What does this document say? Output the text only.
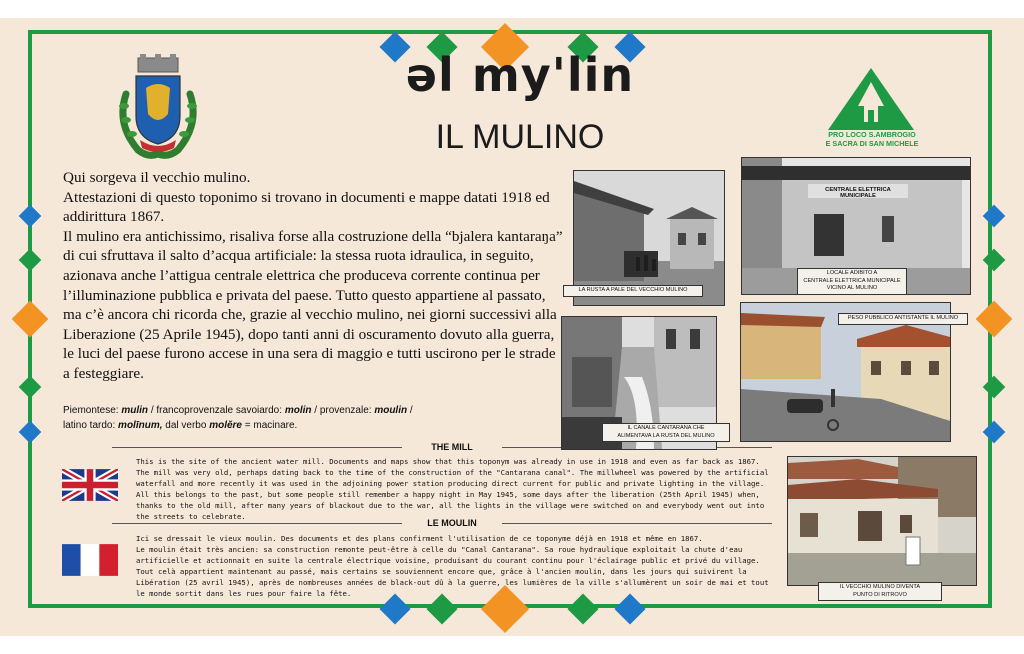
PRO LOCO S.AMBROGIO
E SACRA DI SAN MICHELE
əl my'lin
IL MULINO

Qui sorgeva il vecchio mulino.

Attestazioni di questo toponimo si trovano in documenti e mappe datati 1918 ed addirittura 1867.

Il mulino era antichissimo, risaliva forse alla costruzione della “bjalera kantaraŋa” di cui sfruttava il salto d’acqua artificiale: la stessa ruota idraulica, in seguito, azionava anche l’attigua centrale elettrica che produceva corrente continua per l’illuminazione pubblica e privata del paese. Tutto questo appartiene al passato, ma c’è ancora chi ricorda che, grazie al vecchio mulino, nei giorni successivi alla Liberazione (25 Aprile 1945), dopo tanti anni di oscuramento dovuto alla guerra, le luci del paese furono accese in una sera di maggio e tutti uscirono per le strade a festeggiare.

Piemontese: mulin / francoprovenzale savoiardo: molin / provenzale: moulin /
latino tardo: molīnum, dal verbo molĕre = macinare.
THE MILL

This is the site of the ancient water mill. Documents and maps show that this toponym was already in use in 1918 and even as far back as 1867. The mill was very old, perhaps dating back to the time of the construction of the "Cantarana canal". The millwheel was powered by the artificial waterfall and more recently it was used in the adjoining power station producing direct current for public and private lighting in the village. All this belongs to the past, but some people still remember a happy night in May 1945, some days after the liberation (25th April 1945) when, thanks to the old mill, after many years of blackout due to the war, all the lights in the village were switched on and everybody went out into the streets to celebrate.

LE MOULIN

Ici se dressait le vieux moulin. Des documents et des plans confirment l'utilisation de ce toponyme déjà en 1918 et même en 1867.

Le moulin était très ancien: sa construction remonte peut-être à celle du "Canal Cantarana". Sa roue hydraulique exploitait la chute d'eau artificielle et actionnait en suite la centrale électrique voisine, produisant du courant continu pour l'éclairage public et privé du village. Tout celà appartient maintenant au passé, mais certains se souviennent encore que, grâce à l'ancien moulin, dans les jours qui suivirent la Libération (25 avril 1945), après de nombreuses années de black-out dû à la guerre, les lumières de la ville s'allumèrent un soir de mai et tout le monde sortit dans les rues pour faire la fête.

LA RUSTA A PALE DEL VECCHIO MULINO
CENTRALE ELETTRICA MUNICIPALE
LOCALE ADIBITO A
CENTRALE ELETTRICA MUNICIPALE
VICINO AL MULINO
PESO PUBBLICO ANTISTANTE IL MULINO
IL CANALE CANTARANA CHE
ALIMENTAVA LA RUSTA DEL MULINO
IL VECCHIO MULINO DIVENTA
PUNTO DI RITROVO
